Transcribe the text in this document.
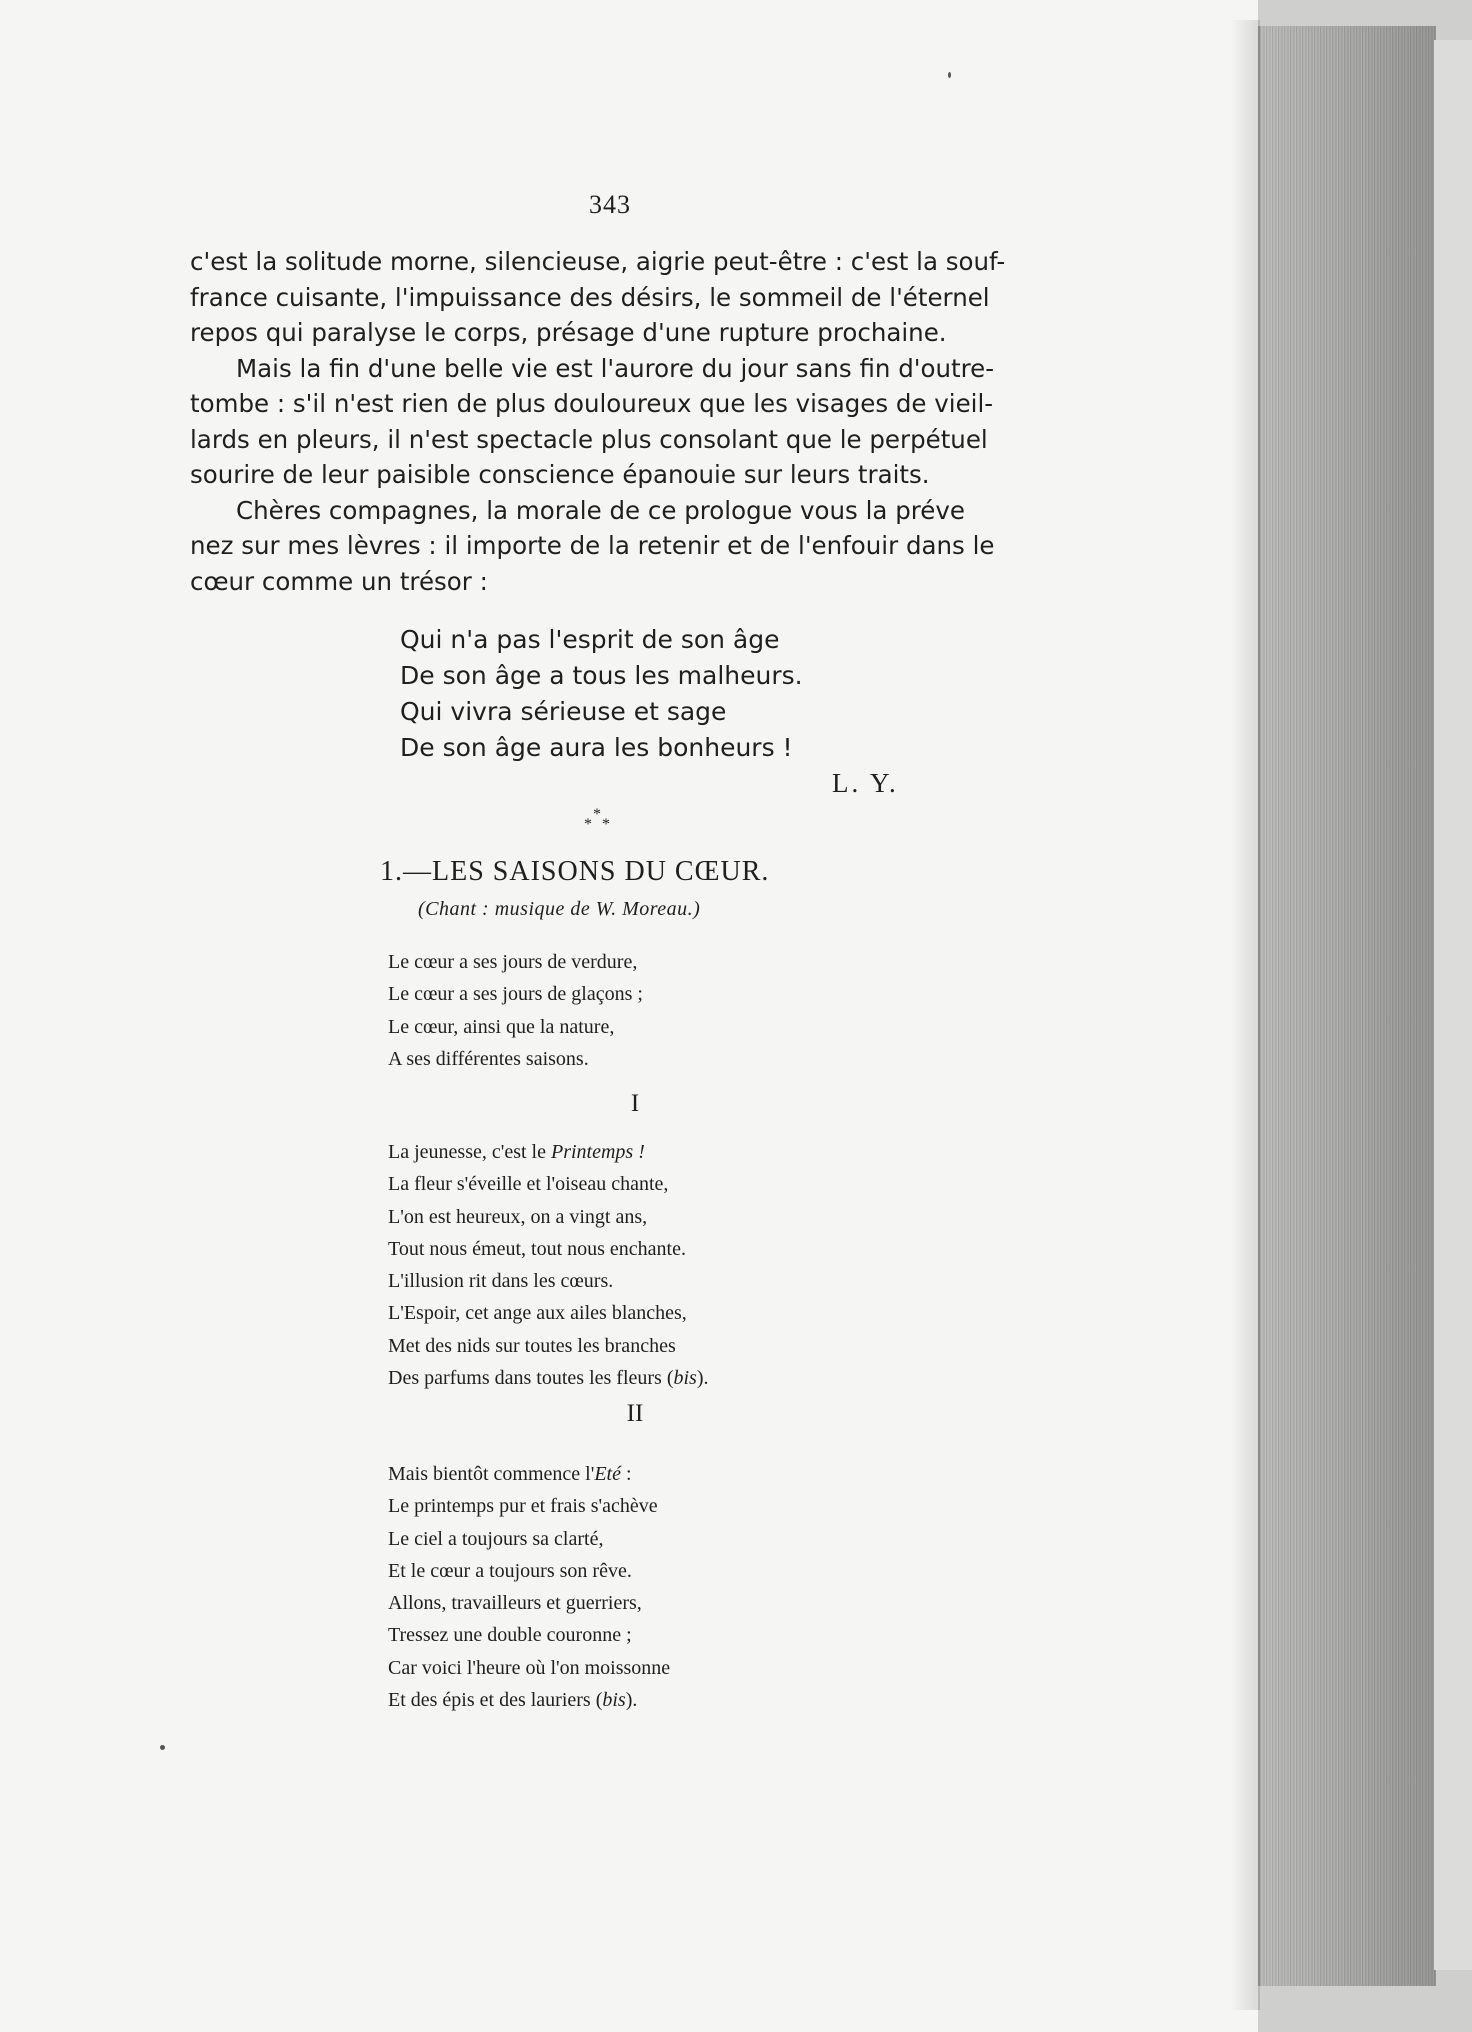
343

c'est la solitude morne, silencieuse, aigrie peut-être : c'est la souf-
france cuisante, l'impuissance des désirs, le sommeil de l'éternel
repos qui paralyse le corps, présage d'une rupture prochaine.

Mais la fin d'une belle vie est l'aurore du jour sans fin d'outre-
tombe : s'il n'est rien de plus douloureux que les visages de vieil-
lards en pleurs, il n'est spectacle plus consolant que le perpétuel
sourire de leur paisible conscience épanouie sur leurs traits.

Chères compagnes, la morale de ce prologue vous la préve
nez sur mes lèvres : il importe de la retenir et de l'enfouir dans le
cœur comme un trésor :

Qui n'a pas l'esprit de son âge
De son âge a tous les malheurs.
Qui vivra sérieuse et sage
De son âge aura les bonheurs !
L. Y.
*
* *
1.—LES SAISONS DU CŒUR.
(Chant : musique de W. Moreau.)
Le cœur a ses jours de verdure,
Le cœur a ses jours de glaçons ;
Le cœur, ainsi que la nature,
A ses différentes saisons.
I
La jeunesse, c'est le Printemps !
La fleur s'éveille et l'oiseau chante,
L'on est heureux, on a vingt ans,
Tout nous émeut, tout nous enchante.
L'illusion rit dans les cœurs.
L'Espoir, cet ange aux ailes blanches,
Met des nids sur toutes les branches
Des parfums dans toutes les fleurs (bis).
II
Mais bientôt commence l'Eté :
Le printemps pur et frais s'achève
Le ciel a toujours sa clarté,
Et le cœur a toujours son rêve.
Allons, travailleurs et guerriers,
Tressez une double couronne ;
Car voici l'heure où l'on moissonne
Et des épis et des lauriers (bis).
